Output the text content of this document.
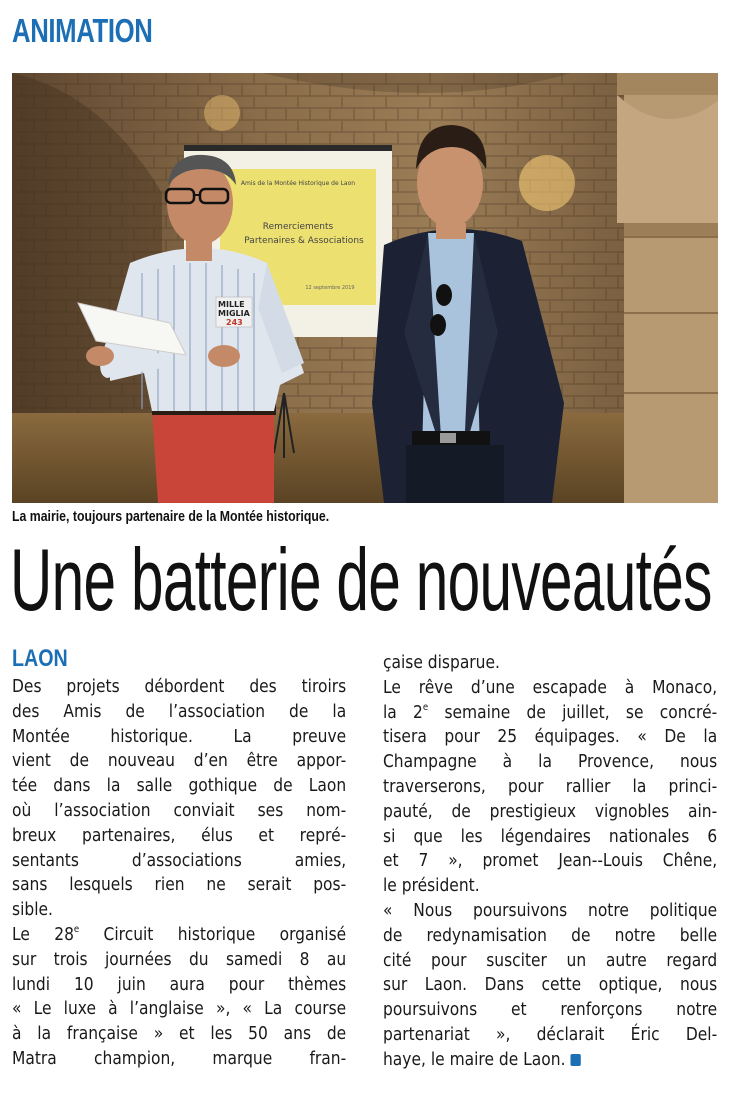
ANIMATION
Amis de la Montée Historique de Laon
Remerciements
Partenaires & Associations
12 septembre 2019
MILLE
MIGLIA
243
La mairie, toujours partenaire de la Montée historique.
Une batterie de nouveautés
LAON
Des projets débordent des tiroirs
des Amis de l’association de la
Montée historique. La preuve
vient de nouveau d’en être appor-
tée dans la salle gothique de Laon
où l’association conviait ses nom-
breux partenaires, élus et repré-
sentants d’associations amies,
sans lesquels rien ne serait pos-
sible.
Le 28e Circuit historique organisé
sur trois journées du samedi 8 au
lundi 10 juin aura pour thèmes
« Le luxe à l’anglaise », « La course
à la française » et les 50 ans de
Matra champion, marque fran-
çaise disparue.
Le rêve d’une escapade à Monaco,
la 2e semaine de juillet, se concré-
tisera pour 25 équipages. « De la
Champagne à la Provence, nous
traverserons, pour rallier la princi-
pauté, de prestigieux vignobles ain-
si que les légendaires nationales 6
et 7 », promet Jean--Louis Chêne,
le président.
« Nous poursuivons notre politique
de redynamisation de notre belle
cité pour susciter un autre regard
sur Laon. Dans cette optique, nous
poursuivons et renforçons notre
partenariat », déclarait Éric Del-
haye, le maire de Laon.
